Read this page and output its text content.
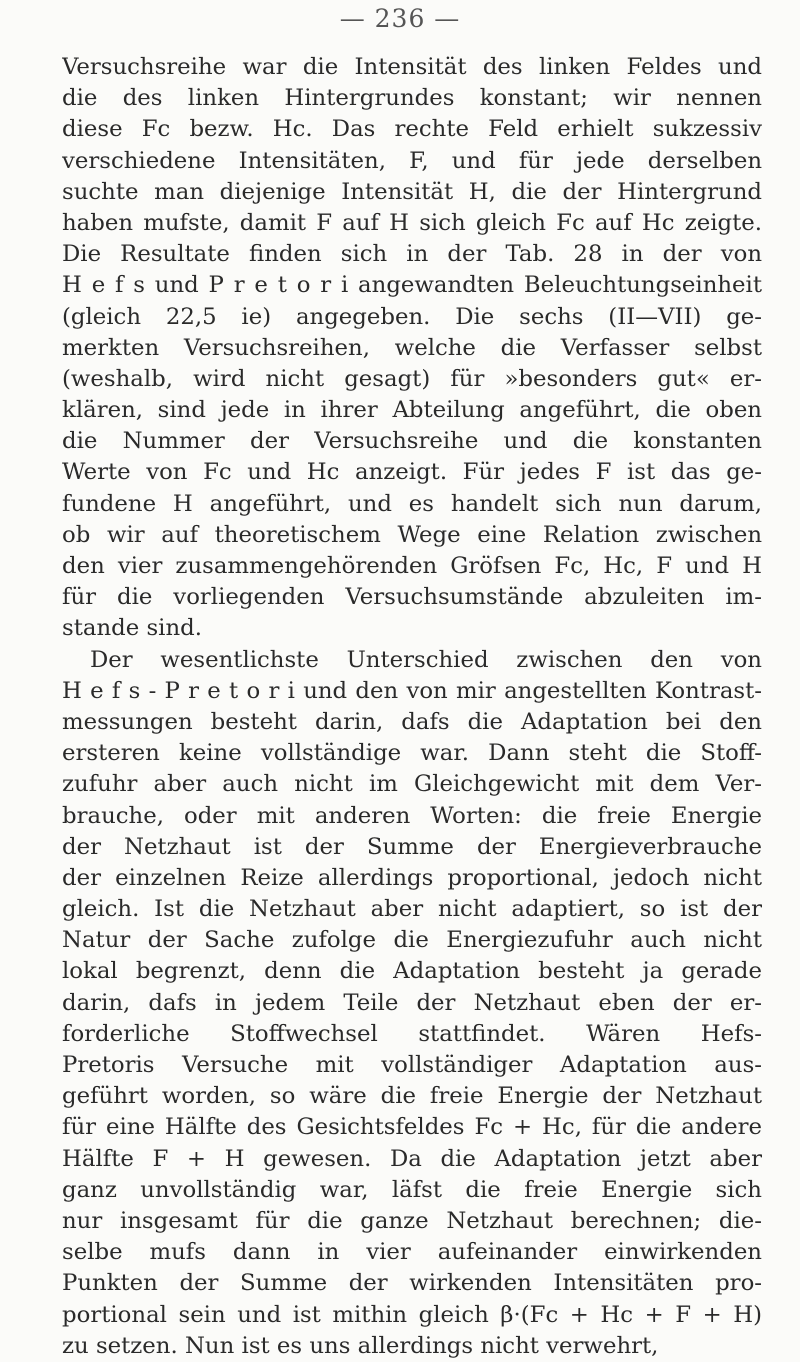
— 236 —
Versuchsreihe war die Intensität des linken Feldes und
die des linken Hintergrundes konstant; wir nennen
diese Fc bezw. Hc. Das rechte Feld erhielt sukzessiv
verschiedene Intensitäten, F, und für jede derselben
suchte man diejenige Intensität H, die der Hintergrund
haben mufste, damit F auf H sich gleich Fc auf Hc zeigte.
Die Resultate finden sich in der Tab. 28 in der von
H e f s und P r e t o r i angewandten Beleuchtungseinheit
(gleich 22,5 ie) angegeben. Die sechs (II—VII) ge-
merkten Versuchsreihen, welche die Verfasser selbst
(weshalb, wird nicht gesagt) für »besonders gut« er-
klären, sind jede in ihrer Abteilung angeführt, die oben
die Nummer der Versuchsreihe und die konstanten
Werte von Fc und Hc anzeigt. Für jedes F ist das ge-
fundene H angeführt, und es handelt sich nun darum,
ob wir auf theoretischem Wege eine Relation zwischen
den vier zusammengehörenden Gröfsen Fc, Hc, F und H
für die vorliegenden Versuchsumstände abzuleiten im-
stande sind.
Der wesentlichste Unterschied zwischen den von
H e f s - P r e t o r i und den von mir angestellten Kontrast-
messungen besteht darin, dafs die Adaptation bei den
ersteren keine vollständige war. Dann steht die Stoff-
zufuhr aber auch nicht im Gleichgewicht mit dem Ver-
brauche, oder mit anderen Worten: die freie Energie
der Netzhaut ist der Summe der Energieverbrauche
der einzelnen Reize allerdings proportional, jedoch nicht
gleich. Ist die Netzhaut aber nicht adaptiert, so ist der
Natur der Sache zufolge die Energiezufuhr auch nicht
lokal begrenzt, denn die Adaptation besteht ja gerade
darin, dafs in jedem Teile der Netzhaut eben der er-
forderliche Stoffwechsel stattfindet. Wären Hefs-
Pretoris Versuche mit vollständiger Adaptation aus-
geführt worden, so wäre die freie Energie der Netzhaut
für eine Hälfte des Gesichtsfeldes Fc + Hc, für die andere
Hälfte F + H gewesen. Da die Adaptation jetzt aber
ganz unvollständig war, läfst die freie Energie sich
nur insgesamt für die ganze Netzhaut berechnen; die-
selbe mufs dann in vier aufeinander einwirkenden
Punkten der Summe der wirkenden Intensitäten pro-
portional sein und ist mithin gleich β·(Fc + Hc + F + H)
zu setzen. Nun ist es uns allerdings nicht verwehrt,
